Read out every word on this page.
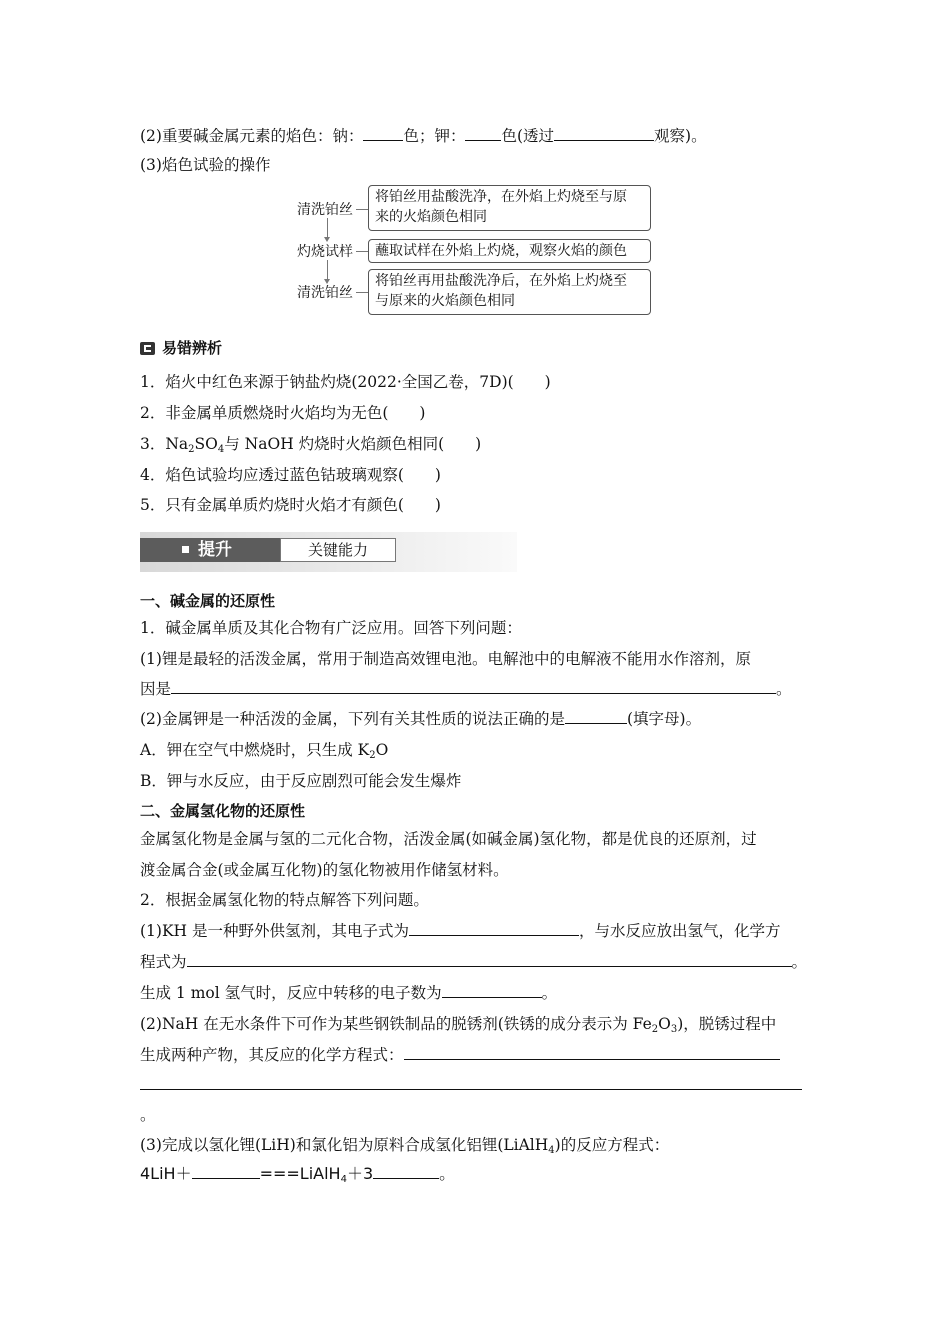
(2)重要碱金属元素的焰色：钠：	色；钾： 色(透过	观察)。
(3)焰色试验的操作
清洗铂丝
将铂丝用盐酸洗净，在外焰上灼烧至与原
来的火焰颜色相同
灼烧试样 蘸取试样在外焰上灼烧，观察火焰的颜色
清洗铂丝
将铂丝再用盐酸洗净后，在外焰上灼烧至
与原来的火焰颜色相同
易错辨析
1．焰火中红色来源于钠盐灼烧(2022·全国乙卷，7D)(　　)
2．非金属单质燃烧时火焰均为无色(　　)
3．$Na_2SO_4$与 NaOH 灼烧时火焰颜色相同(　　)
4．焰色试验均应透过蓝色钴玻璃观察(　　)
5．只有金属单质灼烧时火焰才有颜色(　　)
提升	关键能力
一、碱金属的还原性
1．碱金属单质及其化合物有广泛应用。回答下列问题：
(1)锂是最轻的活泼金属，常用于制造高效锂电池。电解池中的电解液不能用水作溶剂，原
因是	。
(2)金属钾是一种活泼的金属，下列有关其性质的说法正确的是	(填字母)。
A．钾在空气中燃烧时，只生成 $K_2O$
B．钾与水反应，由于反应剧烈可能会发生爆炸
二、金属氢化物的还原性
金属氢化物是金属与氢的二元化合物，活泼金属(如碱金属)氢化物，都是优良的还原剂，过
渡金属合金(或金属互化物)的氢化物被用作储氢材料。
2．根据金属氢化物的特点解答下列问题。
(1)KH 是一种野外供氢剂，其电子式为	，与水反应放出氢气，化学方
程式为	。
生成 1 mol 氢气时，反应中转移的电子数为	。
(2)NaH 在无水条件下可作为某些钢铁制品的脱锈剂(铁锈的成分表示为 $Fe_2O_3$)，脱锈过程中
生成两种产物，其反应的化学方程式：
。
(3)完成以氢化锂(LiH)和氯化铝为原料合成氢化铝锂(LiAlH$_4$)的反应方程式：
4LiH＋	===LiAlH$_4$＋3	。
